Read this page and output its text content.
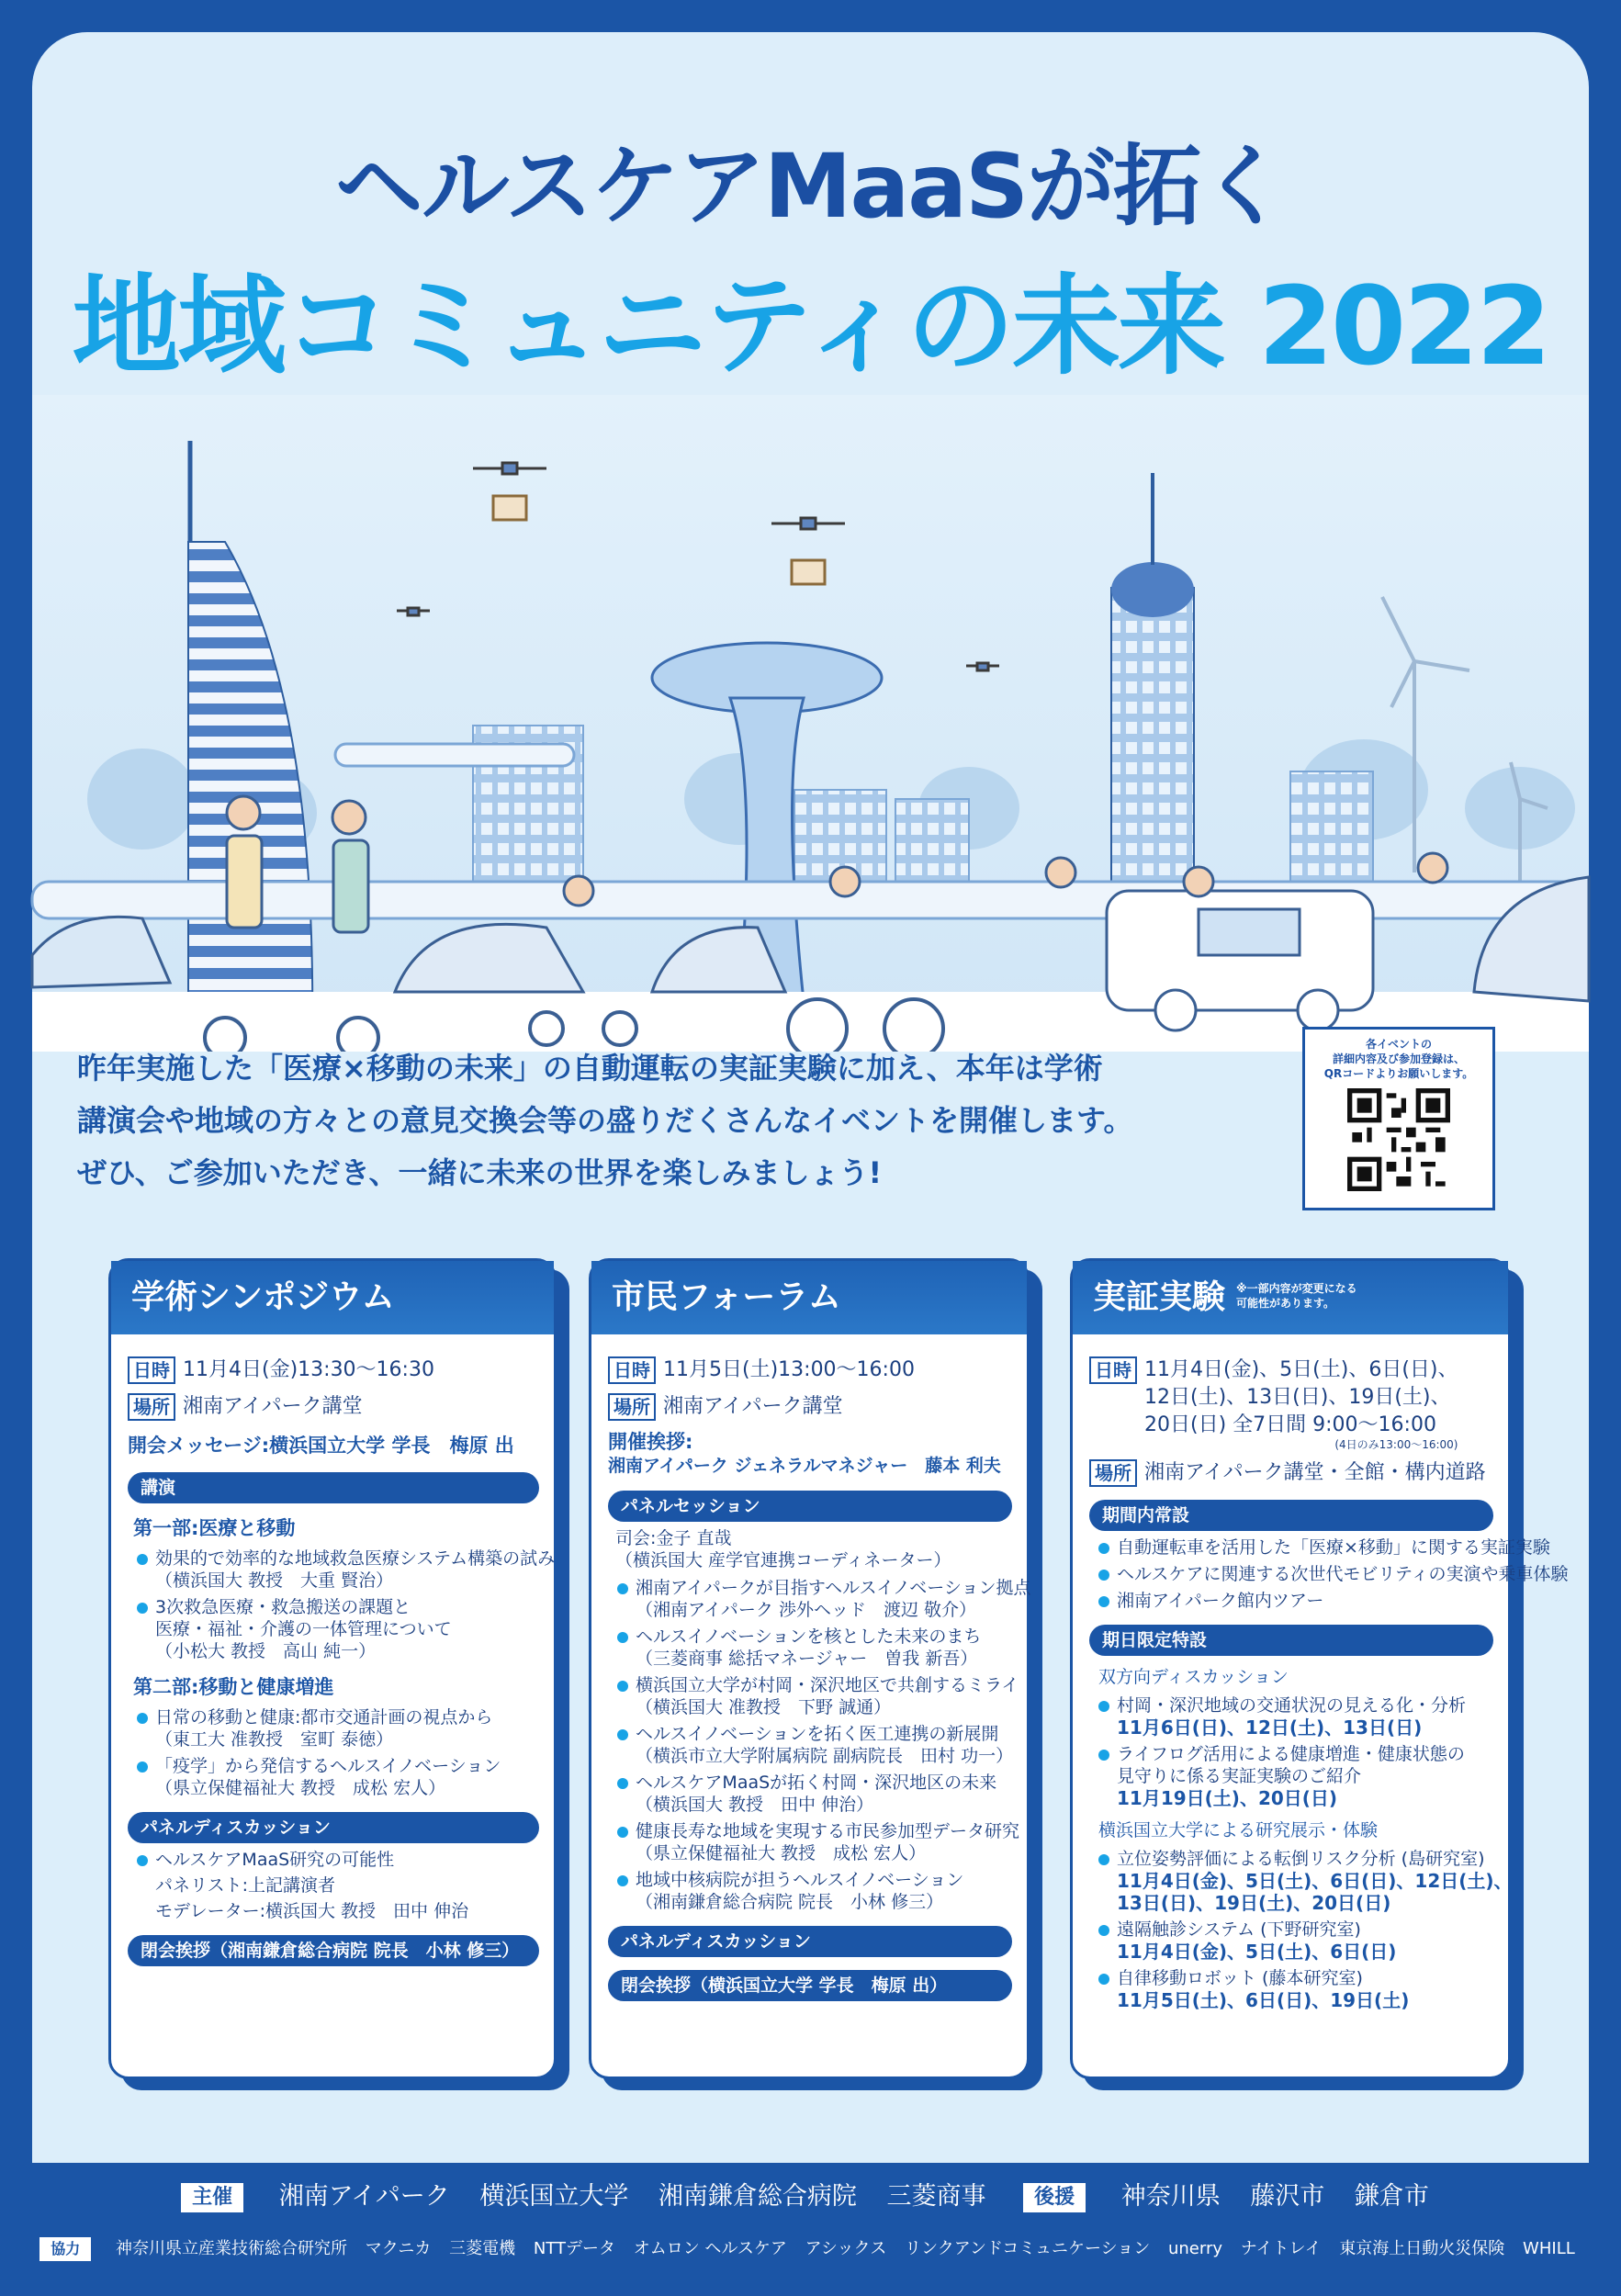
ヘルスケアMaaSが拓く
地域コミュニティの未来 2022
昨年実施した「医療×移動の未来」の自動運転の実証実験に加え、本年は学術
講演会や地域の方々との意見交換会等の盛りだくさんなイベントを開催します。
ぜひ、ご参加いただき、一緒に未来の世界を楽しみましょう!
各イベントの
詳細内容及び参加登録は、
QRコードよりお願いします。
学術シンポジウム
日時 11月4日(金)13:30～16:30
場所 湘南アイパーク講堂
開会メッセージ:横浜国立大学 学長　梅原 出
講演
第一部:医療と移動
効果的で効率的な地域救急医療システム構築の試み
（横浜国大 教授　大重 賢治）
3次救急医療・救急搬送の課題と
医療・福祉・介護の一体管理について
（小松大 教授　高山 純一）
第二部:移動と健康増進
日常の移動と健康:都市交通計画の視点から
（東工大 准教授　室町 泰徳）
「疫学」から発信するヘルスイノベーション
（県立保健福祉大 教授　成松 宏人）
パネルディスカッション
ヘルスケアMaaS研究の可能性
パネリスト:上記講演者
モデレーター:横浜国大 教授　田中 伸治
閉会挨拶（湘南鎌倉総合病院 院長　小林 修三）
市民フォーラム
日時 11月5日(土)13:00～16:00
場所 湘南アイパーク講堂
開催挨拶:
湘南アイパーク ジェネラルマネジャー　藤本 利夫
パネルセッション
司会:金子 直哉
（横浜国大 産学官連携コーディネーター）
湘南アイパークが目指すヘルスイノベーション拠点
（湘南アイパーク 渉外ヘッド　渡辺 敬介）
ヘルスイノベーションを核とした未来のまち
（三菱商事 総括マネージャー　曽我 新吾）
横浜国立大学が村岡・深沢地区で共創するミライ
（横浜国大 准教授　下野 誠通）
ヘルスイノベーションを拓く医工連携の新展開
（横浜市立大学附属病院 副病院長　田村 功一）
ヘルスケアMaaSが拓く村岡・深沢地区の未来
（横浜国大 教授　田中 伸治）
健康長寿な地域を実現する市民参加型データ研究
（県立保健福祉大 教授　成松 宏人）
地域中核病院が担うヘルスイノベーション
（湘南鎌倉総合病院 院長　小林 修三）
パネルディスカッション
閉会挨拶（横浜国立大学 学長　梅原 出）
実証実験 ※一部内容が変更になる
可能性があります。
日時 11月4日(金)、5日(土)、6日(日)、
12日(土)、13日(日)、19日(土)、
20日(日) 全7日間 9:00～16:00
(4日のみ13:00～16:00)
場所 湘南アイパーク講堂・全館・構内道路
期間内常設
自動運転車を活用した「医療×移動」に関する実証実験
ヘルスケアに関連する次世代モビリティの実演や乗車体験
湘南アイパーク館内ツアー
期日限定特設
双方向ディスカッション
村岡・深沢地域の交通状況の見える化・分析
11月6日(日)、12日(土)、13日(日)
ライフログ活用による健康増進・健康状態の
見守りに係る実証実験のご紹介
11月19日(土)、20日(日)
横浜国立大学による研究展示・体験
立位姿勢評価による転倒リスク分析 (島研究室)
11月4日(金)、5日(土)、6日(日)、12日(土)、
13日(日)、19日(土)、20日(日)
遠隔触診システム (下野研究室)
11月4日(金)、5日(土)、6日(日)
自律移動ロボット (藤本研究室)
11月5日(土)、6日(日)、19日(土)
主催 湘南アイパーク 横浜国立大学 湘南鎌倉総合病院 三菱商事 後援 神奈川県 藤沢市 鎌倉市
協力 神奈川県立産業技術総合研究所 マクニカ 三菱電機 NTTデータ オムロン ヘルスケア アシックス リンクアンドコミュニケーション unerry ナイトレイ 東京海上日動火災保険 WHILL
